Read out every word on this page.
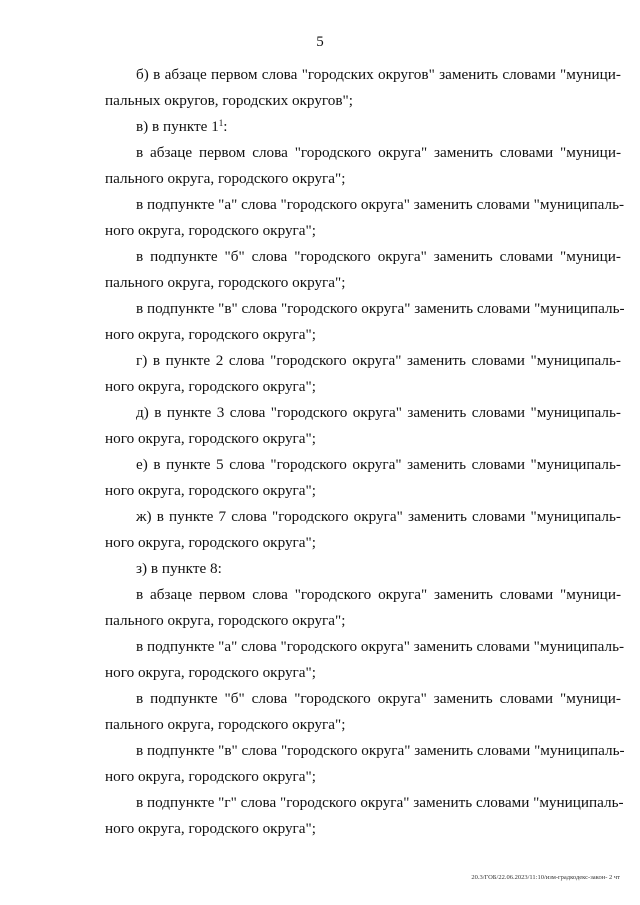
5
б) в абзаце первом слова "городских округов" заменить словами "муници-
пальных округов, городских округов";
в) в пункте $1^1$:
в абзаце первом слова "городского округа" заменить словами "муници-
пального округа, городского округа";
в подпункте "а" слова "городского округа" заменить словами "муниципаль-
ного округа, городского округа";
в подпункте "б" слова "городского округа" заменить словами "муници-
пального округа, городского округа";
в подпункте "в" слова "городского округа" заменить словами "муниципаль-
ного округа, городского округа";
г) в пункте 2 слова "городского округа" заменить словами "муниципаль-
ного округа, городского округа";
д) в пункте 3 слова "городского округа" заменить словами "муниципаль-
ного округа, городского округа";
е) в пункте 5 слова "городского округа" заменить словами "муниципаль-
ного округа, городского округа";
ж) в пункте 7 слова "городского округа" заменить словами "муниципаль-
ного округа, городского округа";
з) в пункте 8:
в абзаце первом слова "городского округа" заменить словами "муници-
пального округа, городского округа";
в подпункте "а" слова "городского округа" заменить словами "муниципаль-
ного округа, городского округа";
в подпункте "б" слова "городского округа" заменить словами "муници-
пального округа, городского округа";
в подпункте "в" слова "городского округа" заменить словами "муниципаль-
ного округа, городского округа";
в подпункте "г" слова "городского округа" заменить словами "муниципаль-
ного округа, городского округа";
20.3/ГОБ/22.06.2023/11:10/изм-градкодекс-закон- 2 чт
